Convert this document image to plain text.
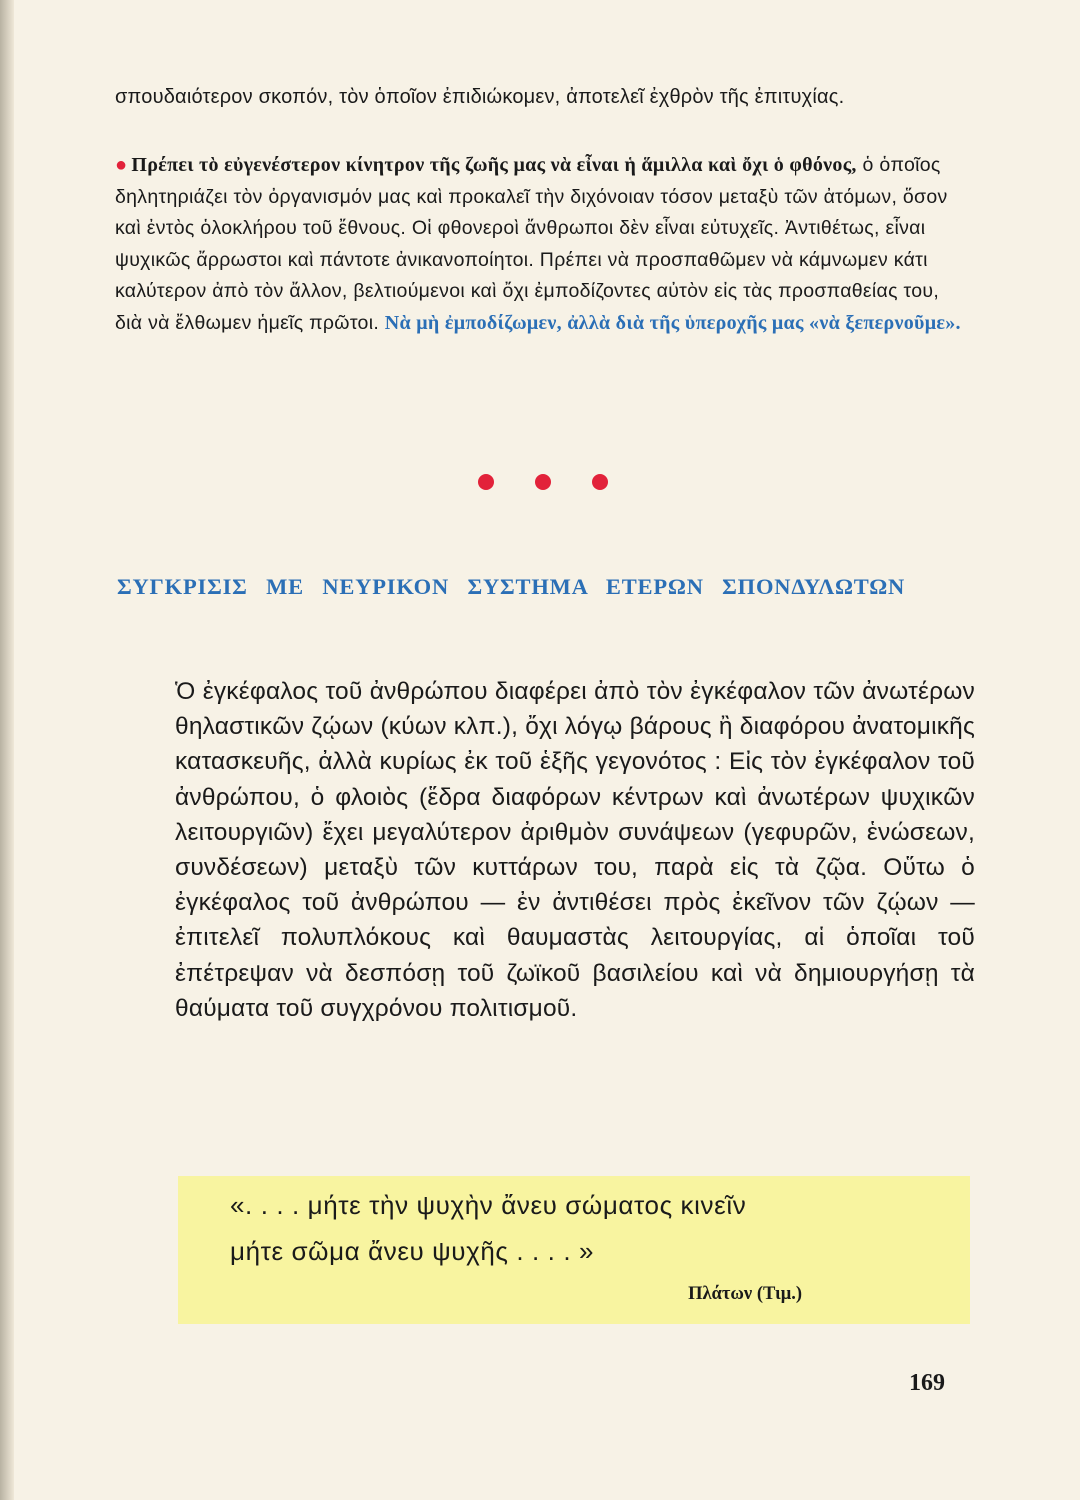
σπουδαιότερον σκοπόν, τὸν ὁποῖον ἐπιδιώκομεν, ἀποτελεῖ ἐχθρὸν τῆς ἐπιτυχίας.
● Πρέπει τὸ εὐγενέστερον κίνητρον τῆς ζωῆς μας νὰ εἶναι ἡ ἅμιλλα καὶ ὄχι ὁ φθόνος, ὁ ὁποῖος δηλητηριάζει τὸν ὀργανισμόν μας καὶ προκαλεῖ τὴν διχόνοιαν τόσον μεταξὺ τῶν ἀτόμων, ὅσον καὶ ἐντὸς ὁλοκλήρου τοῦ ἔθνους. Οἱ φθονεροὶ ἄνθρωποι δὲν εἶναι εὐτυχεῖς. Ἀντιθέτως, εἶναι ψυχικῶς ἄρρωστοι καὶ πάντοτε ἀνικανοποίητοι. Πρέπει νὰ προσπαθῶμεν νὰ κάμνωμεν κάτι καλύτερον ἀπὸ τὸν ἄλλον, βελτιούμενοι καὶ ὄχι ἐμποδίζοντες αὐτὸν εἰς τὰς προσπαθείας του, διὰ νὰ ἔλθωμεν ἡμεῖς πρῶτοι. Νὰ μὴ ἐμποδίζωμεν, ἀλλὰ διὰ τῆς ὑπεροχῆς μας «νὰ ξεπερνοῦμε».
ΣΥΓΚΡΙΣΙΣ ΜΕ ΝΕΥΡΙΚΟΝ ΣΥΣΤΗΜΑ ΕΤΕΡΩΝ ΣΠΟΝΔΥΛΩΤΩΝ
Ὁ ἐγκέφαλος τοῦ ἀνθρώπου διαφέρει ἀπὸ τὸν ἐγκέφαλον τῶν ἀνωτέρων θηλαστικῶν ζῴων (κύων κλπ.), ὄχι λόγῳ βάρους ἢ διαφόρου ἀνατομικῆς κατασκευῆς, ἀλλὰ κυρίως ἐκ τοῦ ἑξῆς γεγονότος : Εἰς τὸν ἐγκέφαλον τοῦ ἀνθρώπου, ὁ φλοιὸς (ἕδρα διαφόρων κέντρων καὶ ἀνωτέρων ψυχικῶν λειτουργιῶν) ἔχει μεγαλύτερον ἀριθμὸν συνάψεων (γεφυρῶν, ἑνώσεων, συνδέσεων) μεταξὺ τῶν κυττάρων του, παρὰ εἰς τὰ ζῷα. Οὕτω ὁ ἐγκέφαλος τοῦ ἀνθρώπου — ἐν ἀντιθέσει πρὸς ἐκεῖνον τῶν ζῴων — ἐπιτελεῖ πολυπλόκους καὶ θαυμαστὰς λειτουργίας, αἱ ὁποῖαι τοῦ ἐπέτρεψαν νὰ δεσπόσῃ τοῦ ζωϊκοῦ βασιλείου καὶ νὰ δημιουργήσῃ τὰ θαύματα τοῦ συγχρόνου πολιτισμοῦ.
«. . . . μήτε τὴν ψυχὴν ἄνευ σώματος κινεῖν
μήτε σῶμα ἄνευ ψυχῆς . . . . »
Πλάτων (Τιμ.)
169
